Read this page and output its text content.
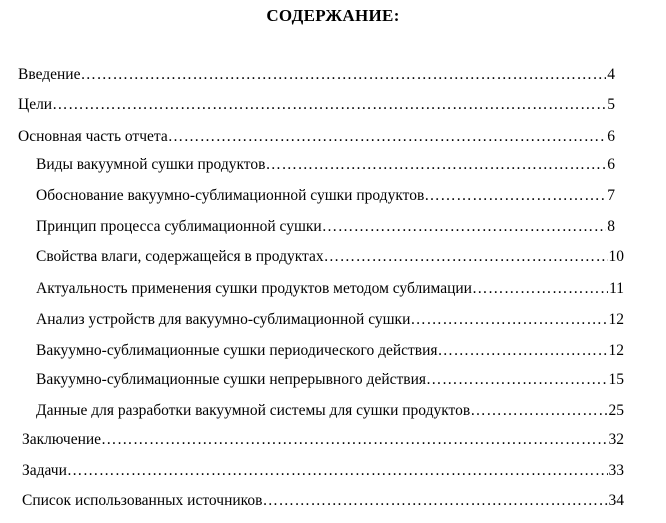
СОДЕРЖАНИЕ:
Введение ………………………………………………………………………………………………………………………………………………………………………………………………………………	4
Цели ………………………………………………………………………………………………………………………………………………………………………………………………………………	5
Основная часть отчета ………………………………………………………………………………………………………………………………………………………………………………………………………………	6
Виды вакуумной сушки продуктов ………………………………………………………………………………………………………………………………………………………………………………………………………………	6
Обоснование вакуумно-сублимационной сушки продуктов ………………………………………………………………………………………………………………………………………………………………………………………………………………	7
Принцип процесса сублимационной сушки ………………………………………………………………………………………………………………………………………………………………………………………………………………	8
Свойства влаги, содержащейся в продуктах ………………………………………………………………………………………………………………………………………………………………………………………………………………	10
Актуальность применения сушки продуктов методом сублимации ………………………………………………………………………………………………………………………………………………………………………………………………………………	11
Анализ устройств для вакуумно-сублимационной сушки ………………………………………………………………………………………………………………………………………………………………………………………………………………	12
Вакуумно-сублимационные сушки периодического действия ………………………………………………………………………………………………………………………………………………………………………………………………………………	12
Вакуумно-сублимационные сушки непрерывного действия ………………………………………………………………………………………………………………………………………………………………………………………………………………	15
Данные для разработки вакуумной системы для сушки продуктов ………………………………………………………………………………………………………………………………………………………………………………………………………………	25
Заключение ………………………………………………………………………………………………………………………………………………………………………………………………………………	32
Задачи ………………………………………………………………………………………………………………………………………………………………………………………………………………	33
Список использованных источников ………………………………………………………………………………………………………………………………………………………………………………………………………………	34
